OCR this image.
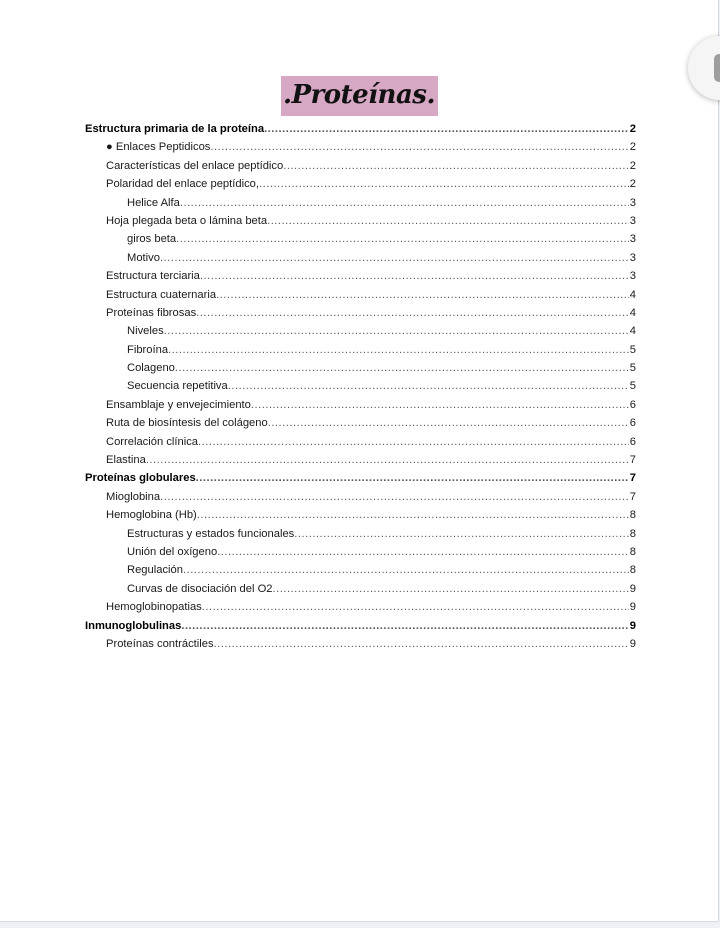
.Proteínas.
Estructura primaria de la proteína .....	2
● Enlaces Peptidicos .....	2
Características del enlace peptídico .....	2
Polaridad del enlace peptídico, .....	2
Helice Alfa .....	3
Hoja plegada beta o lámina beta .....	3
giros beta .....	3
Motivo .....	3
Estructura terciaria .....	3
Estructura cuaternaria .....	4
Proteínas fibrosas .....	4
Niveles .....	4
Fibroína .....	5
Colageno .....	5
Secuencia repetitiva .....	5
Ensamblaje y envejecimiento .....	6
Ruta de biosíntesis del colágeno .....	6
Correlación clínica .....	6
Elastina .....	7
Proteínas globulares .....	7
Mioglobina .....	7
Hemoglobina (Hb) .....	8
Estructuras y estados funcionales .....	8
Unión del oxígeno .....	8
Regulación .....	8
Curvas de disociación del O2 .....	9
Hemoglobinopatias .....	9
Inmunoglobulinas .....	9
Proteínas contráctiles .....	9
